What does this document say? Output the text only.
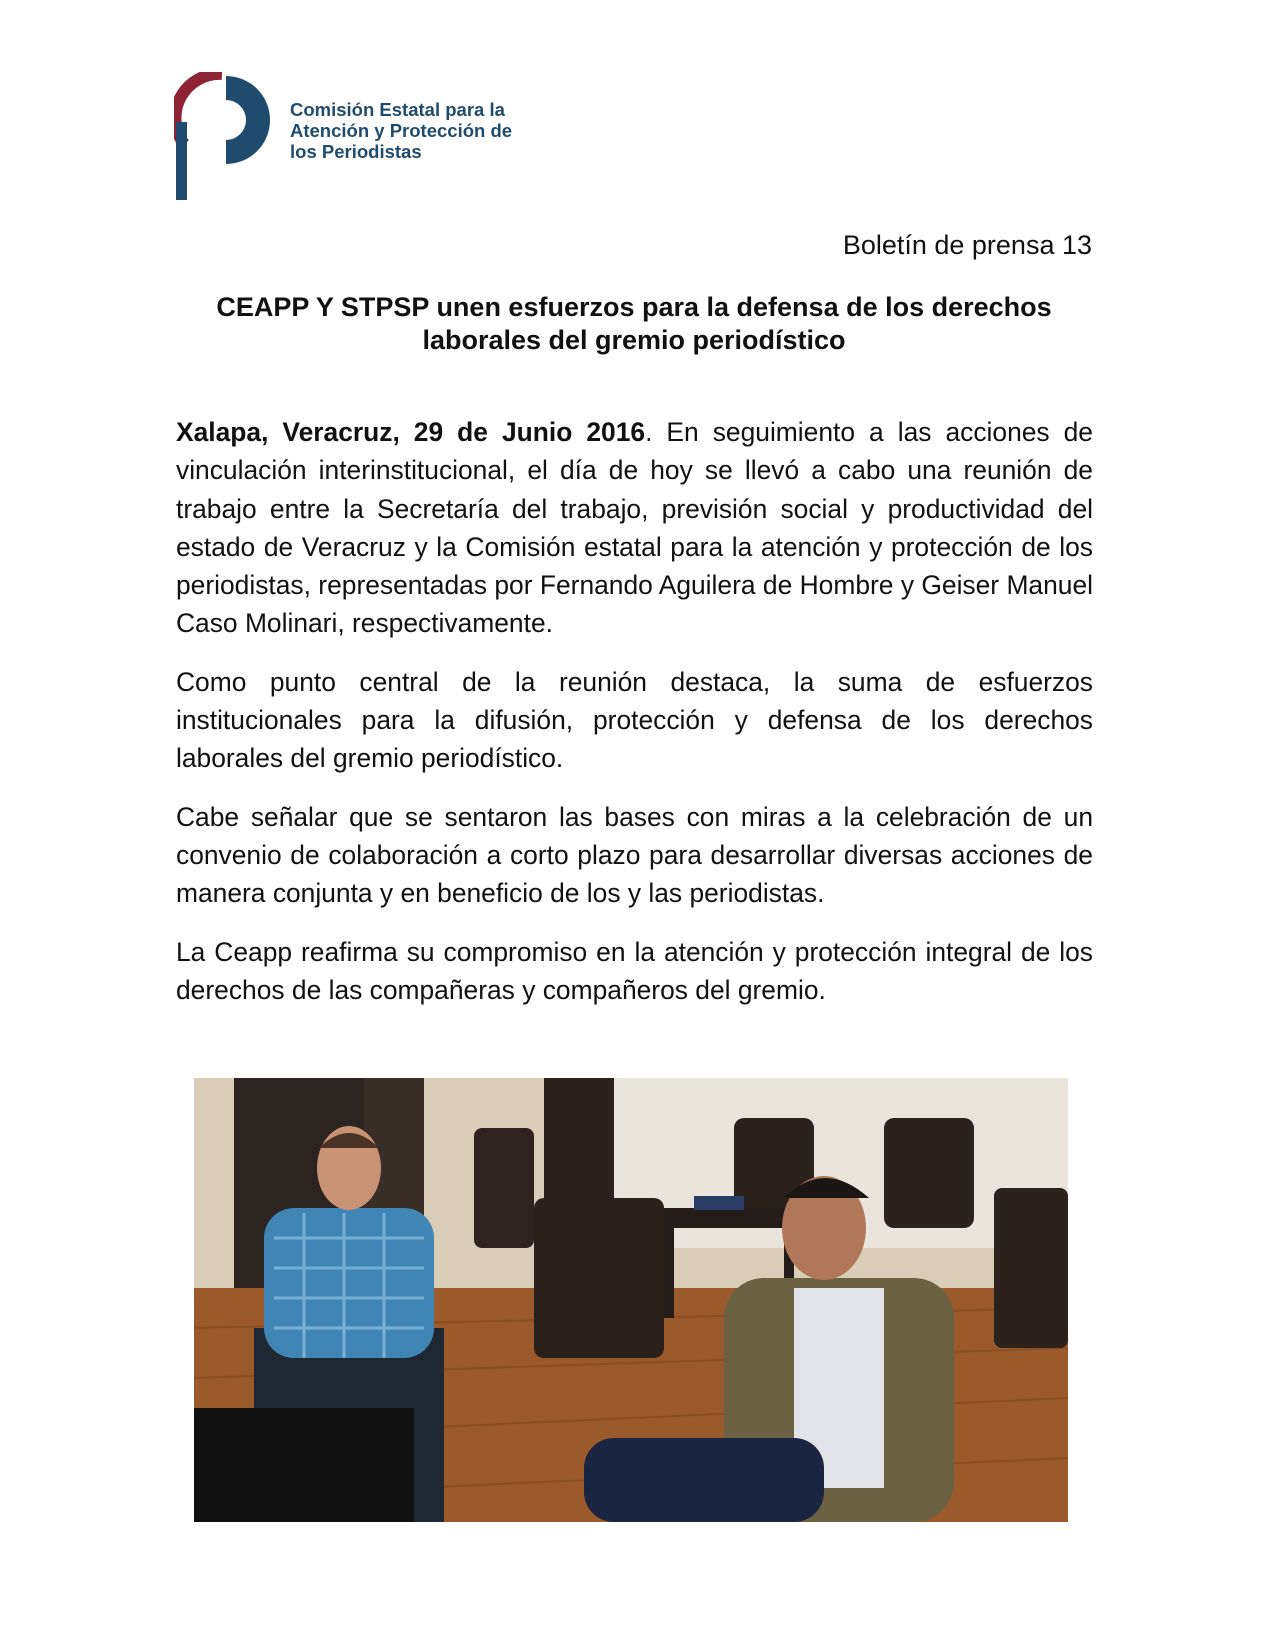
Comisión Estatal para la
Atención y Protección de
los Periodistas
Boletín de prensa 13
CEAPP Y STPSP unen esfuerzos para la defensa de los derechos
laborales del gremio periodístico

Xalapa, Veracruz, 29 de Junio 2016. En seguimiento a las acciones de vinculación interinstitucional, el día de hoy se llevó a cabo una reunión de trabajo entre la Secretaría del trabajo, previsión social y productividad del estado de Veracruz y la Comisión estatal para la atención y protección de los periodistas, representadas por Fernando Aguilera de Hombre y Geiser Manuel Caso Molinari, respectivamente.

Como punto central de la reunión destaca, la suma de esfuerzos institucionales para la difusión, protección y defensa de los derechos laborales del gremio periodístico.

Cabe señalar que se sentaron las bases con miras a la celebración de un convenio de colaboración a corto plazo para desarrollar diversas acciones de manera conjunta y en beneficio de los y las periodistas.

La Ceapp reafirma su compromiso en la atención y protección integral de los derechos de las compañeras y compañeros del gremio.
